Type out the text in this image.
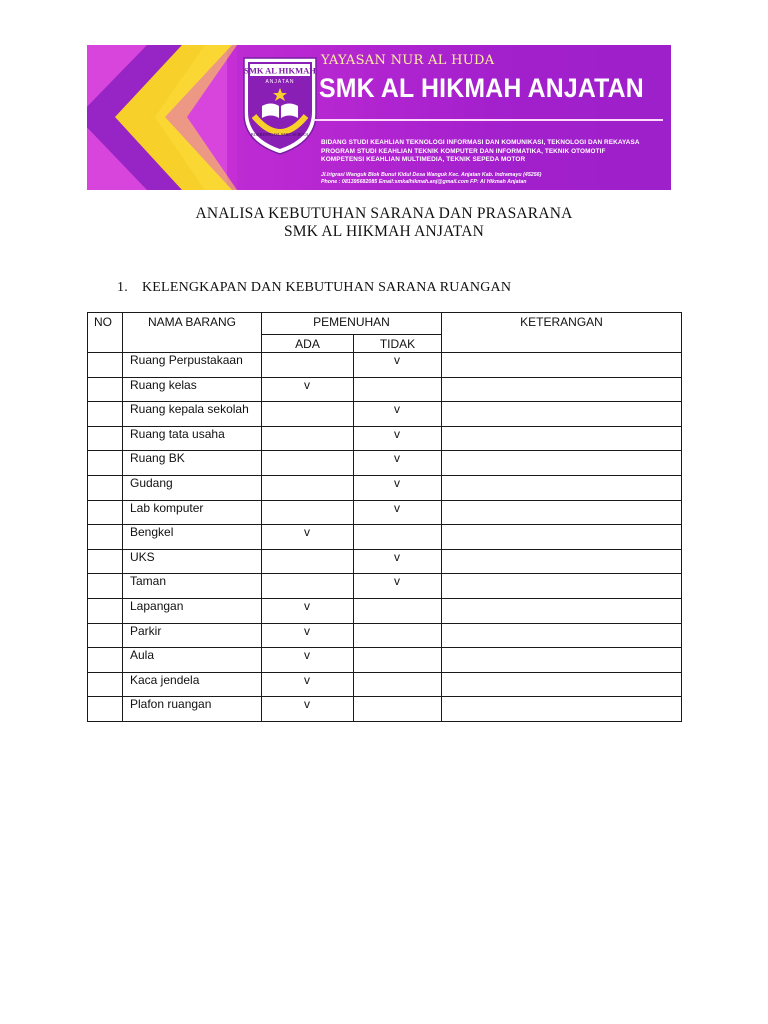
SMK AL HIKMAH
ANJATAN
BOARDING ISLAMIC SCHOOL
YAYASAN NUR AL HUDA
SMK AL HIKMAH ANJATAN
BIDANG STUDI KEAHLIAN TEKNOLOGI INFORMASI DAN KOMUNIKASI, TEKNOLOGI DAN REKAYASA
PROGRAM STUDI KEAHLIAN TEKNIK KOMPUTER DAN INFORMATIKA, TEKNIK OTOMOTIF
KOMPETENSI KEAHLIAN MULTIMEDIA, TEKNIK SEPEDA MOTOR
Jl.Irigrasi Wanguk Blok Bunut Kidul Desa Wanguk Kec. Anjatan Kab. Indramayu (45256)
Phone : 081395682085 Email:smkalhikmah.anj@gmail.com FP: Al Hikmah Anjatan
ANALISA KEBUTUHAN SARANA DAN PRASARANA
SMK AL HIKMAH ANJATAN
1. KELENGKAPAN DAN KEBUTUHAN SARANA RUANGAN
NO	NAMA BARANG	PEMENUHAN		KETERANGAN
		ADA	TIDAK	
	Ruang Perpustakaan		v	
	Ruang kelas	v		
	Ruang kepala sekolah		v	
	Ruang tata usaha		v	
	Ruang BK		v	
	Gudang		v	
	Lab komputer		v	
	Bengkel	v		
	UKS		v	
	Taman		v	
	Lapangan	v		
	Parkir	v		
	Aula	v		
	Kaca jendela	v		
	Plafon ruangan	v		
